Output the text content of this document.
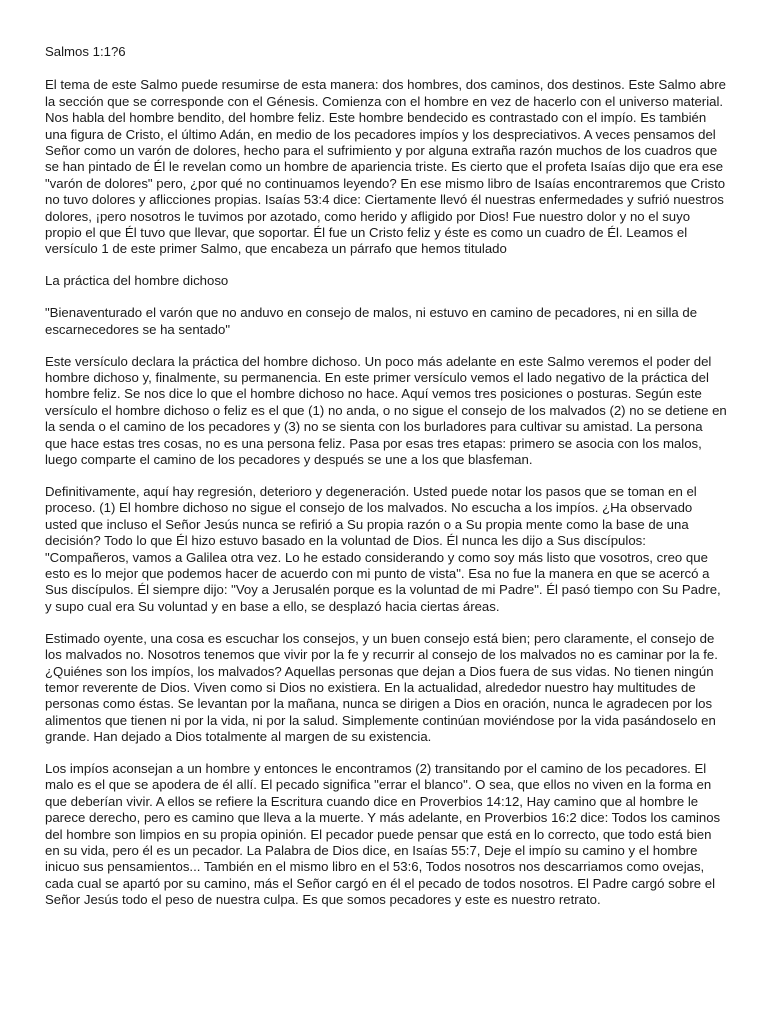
Salmos 1:1?6

El tema de este Salmo puede resumirse de esta manera: dos hombres, dos caminos, dos destinos. Este Salmo abre la sección que se corresponde con el Génesis. Comienza con el hombre en vez de hacerlo con el universo material. Nos habla del hombre bendito, del hombre feliz. Este hombre bendecido es contrastado con el impío. Es también una figura de Cristo, el último Adán, en medio de los pecadores impíos y los despreciativos. A veces pensamos del Señor como un varón de dolores, hecho para el sufrimiento y por alguna extraña razón muchos de los cuadros que se han pintado de Él le revelan como un hombre de apariencia triste. Es cierto que el profeta Isaías dijo que era ese "varón de dolores" pero, ¿por qué no continuamos leyendo? En ese mismo libro de Isaías encontraremos que Cristo no tuvo dolores y aflicciones propias. Isaías 53:4 dice: Ciertamente llevó él nuestras enfermedades y sufrió nuestros dolores, ¡pero nosotros le tuvimos por azotado, como herido y afligido por Dios! Fue nuestro dolor y no el suyo propio el que Él tuvo que llevar, que soportar. Él fue un Cristo feliz y éste es como un cuadro de Él. Leamos el versículo 1 de este primer Salmo, que encabeza un párrafo que hemos titulado

La práctica del hombre dichoso

"Bienaventurado el varón que no anduvo en consejo de malos, ni estuvo en camino de pecadores, ni en silla de escarnecedores se ha sentado"

Este versículo declara la práctica del hombre dichoso. Un poco más adelante en este Salmo veremos el poder del hombre dichoso y, finalmente, su permanencia. En este primer versículo vemos el lado negativo de la práctica del hombre feliz. Se nos dice lo que el hombre dichoso no hace. Aquí vemos tres posiciones o posturas. Según este versículo el hombre dichoso o feliz es el que (1) no anda, o no sigue el consejo de los malvados (2) no se detiene en la senda o el camino de los pecadores y (3) no se sienta con los burladores para cultivar su amistad. La persona que hace estas tres cosas, no es una persona feliz. Pasa por esas tres etapas: primero se asocia con los malos, luego comparte el camino de los pecadores y después se une a los que blasfeman.

Definitivamente, aquí hay regresión, deterioro y degeneración. Usted puede notar los pasos que se toman en el proceso. (1) El hombre dichoso no sigue el consejo de los malvados. No escucha a los impíos. ¿Ha observado usted que incluso el Señor Jesús nunca se refirió a Su propia razón o a Su propia mente como la base de una decisión? Todo lo que Él hizo estuvo basado en la voluntad de Dios. Él nunca les dijo a Sus discípulos: "Compañeros, vamos a Galilea otra vez. Lo he estado considerando y como soy más listo que vosotros, creo que esto es lo mejor que podemos hacer de acuerdo con mi punto de vista". Esa no fue la manera en que se acercó a Sus discípulos. Él siempre dijo: "Voy a Jerusalén porque es la voluntad de mi Padre". Él pasó tiempo con Su Padre, y supo cual era Su voluntad y en base a ello, se desplazó hacia ciertas áreas.

Estimado oyente, una cosa es escuchar los consejos, y un buen consejo está bien; pero claramente, el consejo de los malvados no. Nosotros tenemos que vivir por la fe y recurrir al consejo de los malvados no es caminar por la fe. ¿Quiénes son los impíos, los malvados? Aquellas personas que dejan a Dios fuera de sus vidas. No tienen ningún temor reverente de Dios. Viven como si Dios no existiera. En la actualidad, alrededor nuestro hay multitudes de personas como éstas. Se levantan por la mañana, nunca se dirigen a Dios en oración, nunca le agradecen por los alimentos que tienen ni por la vida, ni por la salud. Simplemente continúan moviéndose por la vida pasándoselo en grande. Han dejado a Dios totalmente al margen de su existencia.

Los impíos aconsejan a un hombre y entonces le encontramos (2) transitando por el camino de los pecadores. El malo es el que se apodera de él allí. El pecado significa "errar el blanco". O sea, que ellos no viven en la forma en que deberían vivir. A ellos se refiere la Escritura cuando dice en Proverbios 14:12, Hay camino que al hombre le parece derecho, pero es camino que lleva a la muerte. Y más adelante, en Proverbios 16:2 dice: Todos los caminos del hombre son limpios en su propia opinión. El pecador puede pensar que está en lo correcto, que todo está bien en su vida, pero él es un pecador. La Palabra de Dios dice, en Isaías 55:7, Deje el impío su camino y el hombre inicuo sus pensamientos... También en el mismo libro en el 53:6, Todos nosotros nos descarriamos como ovejas, cada cual se apartó por su camino, más el Señor cargó en él el pecado de todos nosotros. El Padre cargó sobre el Señor Jesús todo el peso de nuestra culpa. Es que somos pecadores y este es nuestro retrato.
